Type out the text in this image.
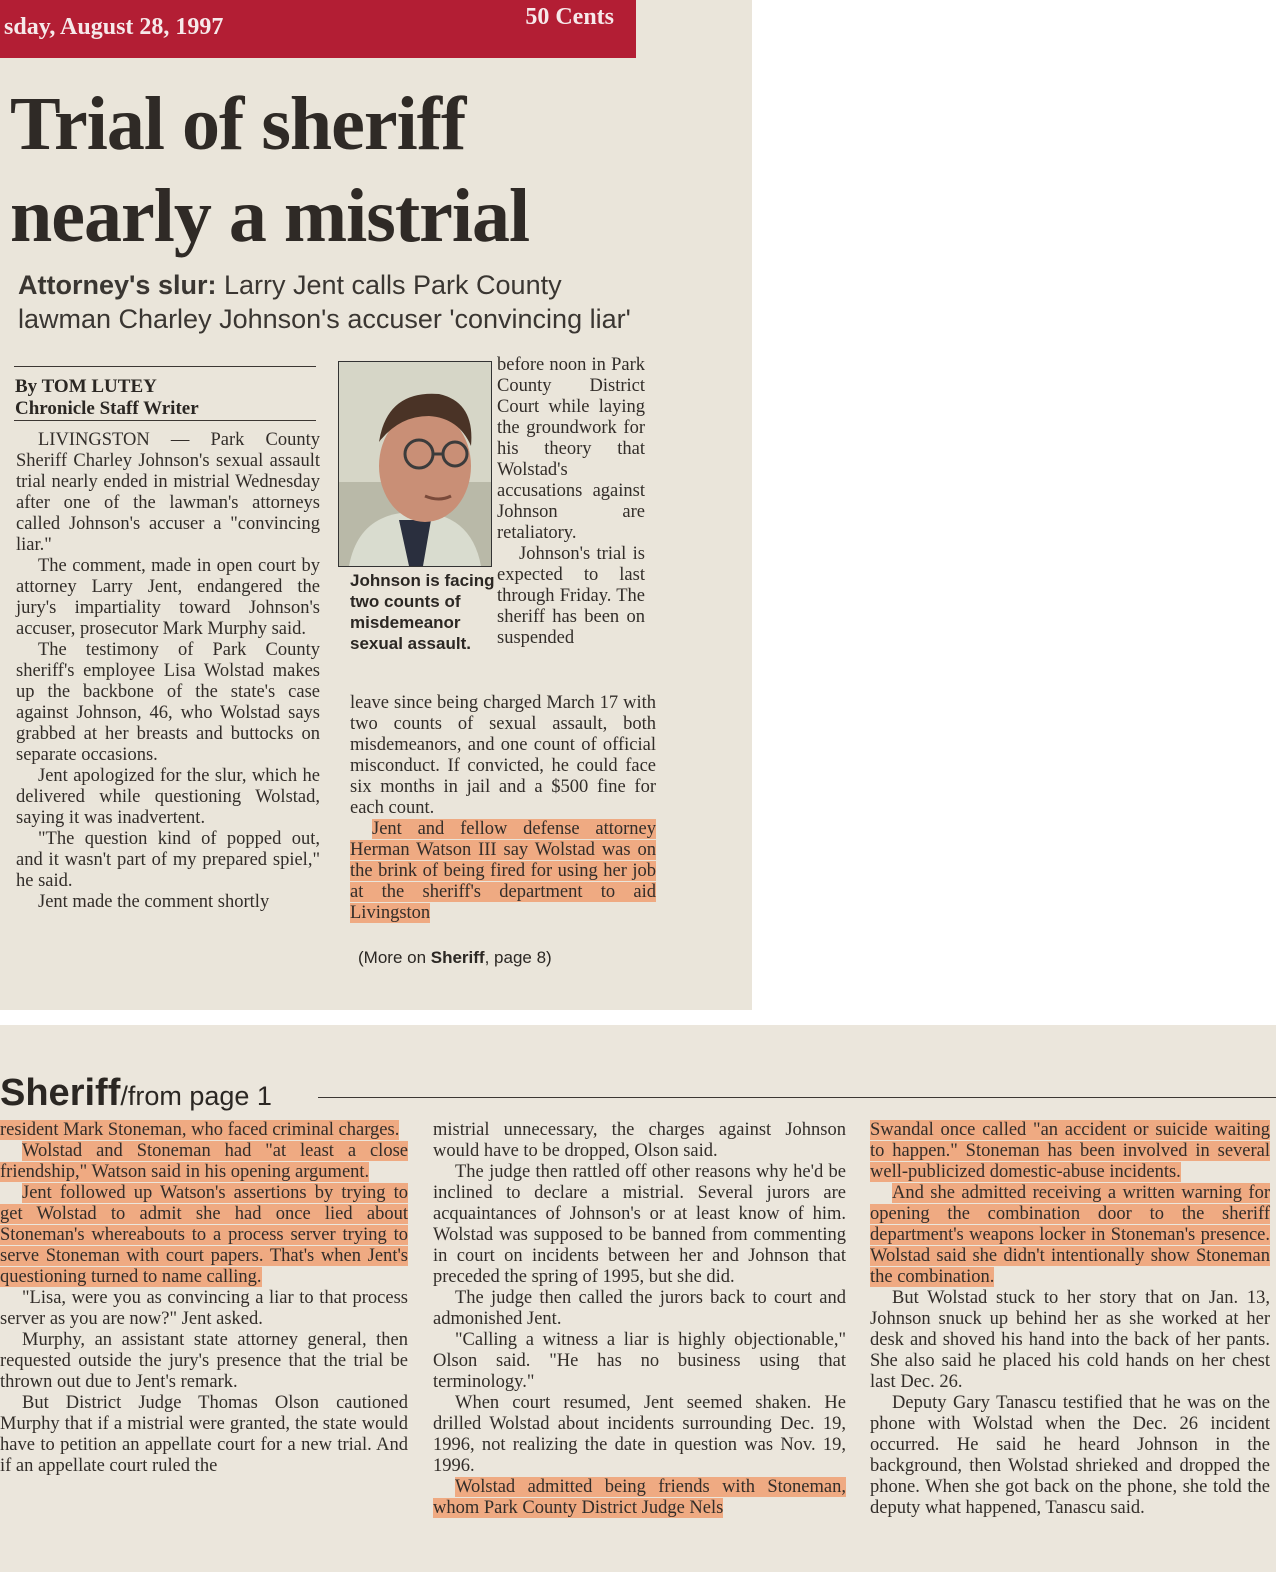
sday, August 28, 1997	50 Cents
Trial of sheriff
nearly a mistrial
Attorney's slur: Larry Jent calls Park County
lawman Charley Johnson's accuser 'convincing liar'
By TOM LUTEY
Chronicle Staff Writer

LIVINGSTON — Park County Sheriff Charley Johnson's sexual assault trial nearly ended in mistrial Wednesday after one of the lawman's attorneys called Johnson's accuser a "convincing liar."

The comment, made in open court by attorney Larry Jent, endangered the jury's impartiality toward Johnson's accuser, prosecutor Mark Murphy said.

The testimony of Park County sheriff's employee Lisa Wolstad makes up the backbone of the state's case against Johnson, 46, who Wolstad says grabbed at her breasts and buttocks on separate occasions.

Jent apologized for the slur, which he delivered while questioning Wolstad, saying it was inadvertent.

"The question kind of popped out, and it wasn't part of my prepared spiel," he said.

Jent made the comment shortly

Johnson is facing two counts of misdemeanor sexual assault.

before noon in Park County District Court while laying the groundwork for his theory that Wolstad's accusations against Johnson are retaliatory.

Johnson's trial is expected to last through Friday. The sheriff has been on suspended

leave since being charged March 17 with two counts of sexual assault, both misdemeanors, and one count of official misconduct. If convicted, he could face six months in jail and a $500 fine for each count.

Jent and fellow defense attorney Herman Watson III say Wolstad was on the brink of being fired for using her job at the sheriff's department to aid Livingston

(More on Sheriff, page 8)
Sheriff/from page 1

resident Mark Stoneman, who faced criminal charges.

Wolstad and Stoneman had "at least a close friendship," Watson said in his opening argument.

Jent followed up Watson's assertions by trying to get Wolstad to admit she had once lied about Stoneman's whereabouts to a process server trying to serve Stoneman with court papers. That's when Jent's questioning turned to name calling.

"Lisa, were you as convincing a liar to that process server as you are now?" Jent asked.

Murphy, an assistant state attorney general, then requested outside the jury's presence that the trial be thrown out due to Jent's remark.

But District Judge Thomas Olson cautioned Murphy that if a mistrial were granted, the state would have to petition an appellate court for a new trial. And if an appellate court ruled the

mistrial unnecessary, the charges against Johnson would have to be dropped, Olson said.

The judge then rattled off other reasons why he'd be inclined to declare a mistrial. Several jurors are acquaintances of Johnson's or at least know of him. Wolstad was supposed to be banned from commenting in court on incidents between her and Johnson that preceded the spring of 1995, but she did.

The judge then called the jurors back to court and admonished Jent.

"Calling a witness a liar is highly objectionable," Olson said. "He has no business using that terminology."

When court resumed, Jent seemed shaken. He drilled Wolstad about incidents surrounding Dec. 19, 1996, not realizing the date in question was Nov. 19, 1996.

Wolstad admitted being friends with Stoneman, whom Park County District Judge Nels

Swandal once called "an accident or suicide waiting to happen." Stoneman has been involved in several well-publicized domestic-abuse incidents.

And she admitted receiving a written warning for opening the combination door to the sheriff department's weapons locker in Stoneman's presence. Wolstad said she didn't intentionally show Stoneman the combination.

But Wolstad stuck to her story that on Jan. 13, Johnson snuck up behind her as she worked at her desk and shoved his hand into the back of her pants. She also said he placed his cold hands on her chest last Dec. 26.

Deputy Gary Tanascu testified that he was on the phone with Wolstad when the Dec. 26 incident occurred. He said he heard Johnson in the background, then Wolstad shrieked and dropped the phone. When she got back on the phone, she told the deputy what happened, Tanascu said.
